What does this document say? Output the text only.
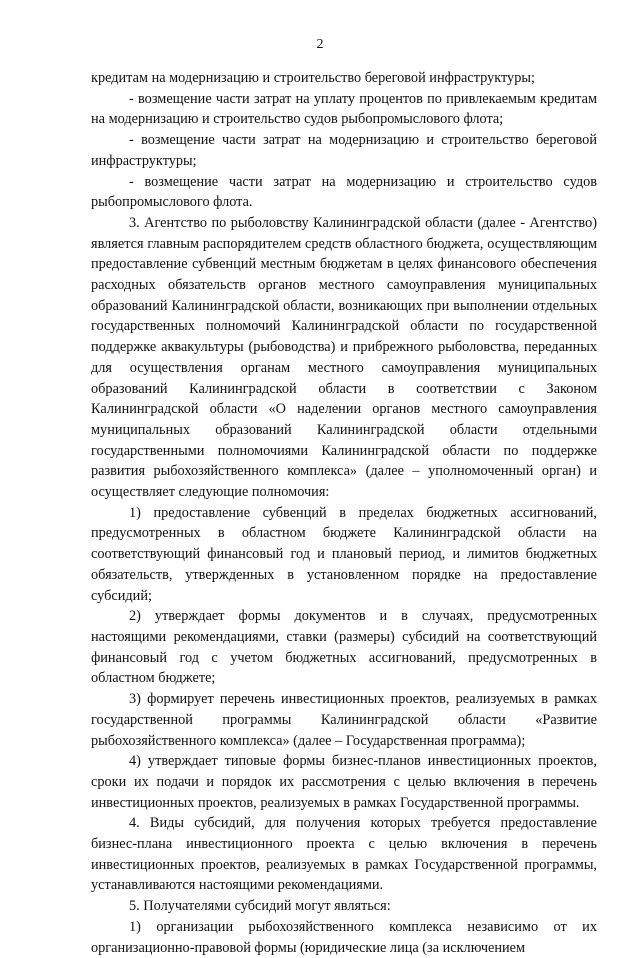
2

кредитам на модернизацию и строительство береговой инфраструктуры;

- возмещение части затрат на уплату процентов по привлекаемым кредитам на модернизацию и строительство судов рыбопромыслового флота;

- возмещение части затрат на модернизацию и строительство береговой инфраструктуры;

- возмещение части затрат на модернизацию и строительство судов рыбопромыслового флота.

3. Агентство по рыболовству Калининградской области (далее - Агентство) является главным распорядителем средств областного бюджета, осуществляющим предоставление субвенций местным бюджетам в целях финансового обеспечения расходных обязательств органов местного самоуправления муниципальных образований Калининградской области, возникающих при выполнении отдельных государственных полномочий Калининградской области по государственной поддержке аквакультуры (рыбоводства) и прибрежного рыболовства, переданных для осуществления органам местного самоуправления муниципальных образований Калининградской области в соответствии с Законом Калининградской области «О наделении органов местного самоуправления муниципальных образований Калининградской области отдельными государственными полномочиями Калининградской области по поддержке развития рыбохозяйственного комплекса» (далее – уполномоченный орган) и осуществляет следующие полномочия:

1) предоставление субвенций в пределах бюджетных ассигнований, предусмотренных в областном бюджете Калининградской области на соответствующий финансовый год и плановый период, и лимитов бюджетных обязательств, утвержденных в установленном порядке на предоставление субсидий;

2) утверждает формы документов и в случаях, предусмотренных настоящими рекомендациями, ставки (размеры) субсидий на соответствующий финансовый год с учетом бюджетных ассигнований, предусмотренных в областном бюджете;

3) формирует перечень инвестиционных проектов, реализуемых в рамках государственной программы Калининградской области «Развитие рыбохозяйственного комплекса» (далее – Государственная программа);

4) утверждает типовые формы бизнес-планов инвестиционных проектов, сроки их подачи и порядок их рассмотрения с целью включения в перечень инвестиционных проектов, реализуемых в рамках Государственной программы.

4. Виды субсидий, для получения которых требуется предоставление бизнес-плана инвестиционного проекта с целью включения в перечень инвестиционных проектов, реализуемых в рамках Государственной программы, устанавливаются настоящими рекомендациями.

5. Получателями субсидий могут являться:

1) организации рыбохозяйственного комплекса независимо от их организационно-правовой формы (юридические лица (за исключением
